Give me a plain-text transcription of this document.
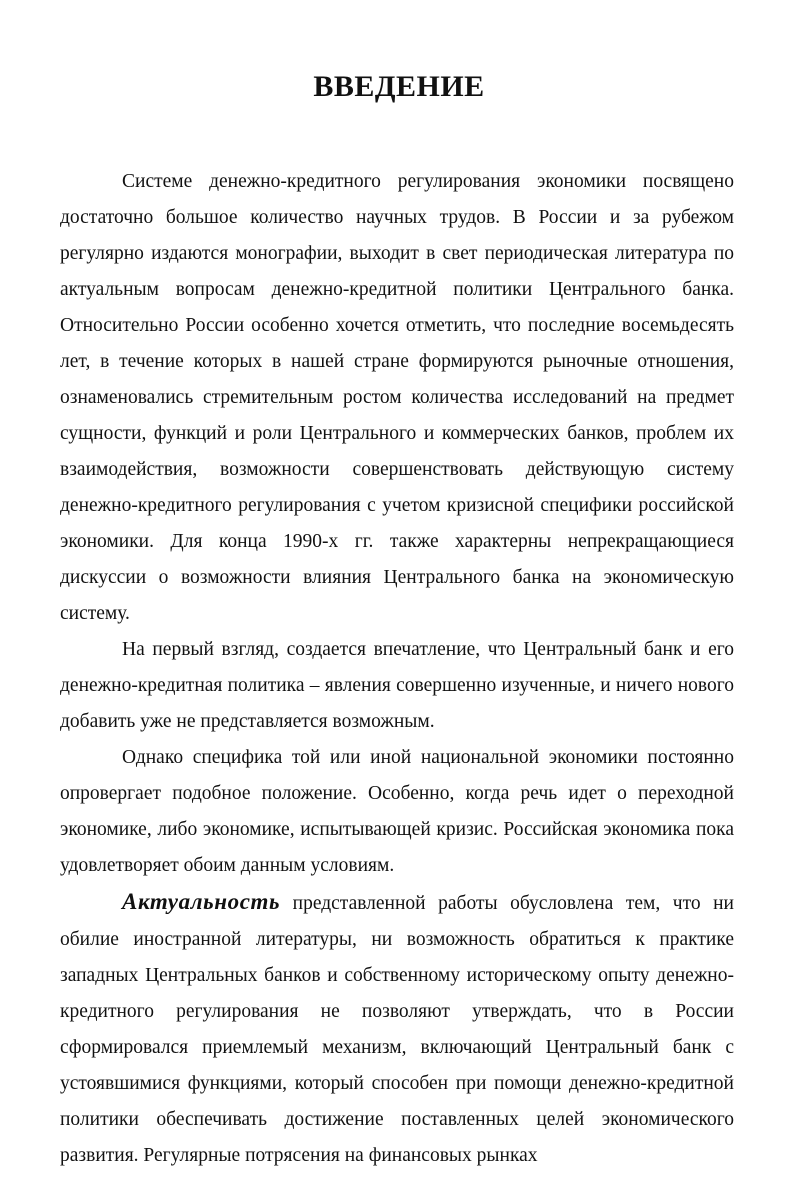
ВВЕДЕНИЕ

Системе денежно-кредитного регулирования экономики посвящено достаточно большое количество научных трудов. В России и за рубежом регулярно издаются монографии, выходит в свет периодическая литература по актуальным вопросам денежно-кредитной политики Центрального банка. Относительно России особенно хочется отметить, что последние восемьдесять лет, в течение которых в нашей стране формируются рыночные отношения, ознаменовались стремительным ростом количества исследований на предмет сущности, функций и роли Центрального и коммерческих банков, проблем их взаимодействия, возможности совершенствовать действующую систему денежно-кредитного регулирования с учетом кризисной специфики российской экономики. Для конца 1990-х гг. также характерны непрекращающиеся дискуссии о возможности влияния Центрального банка на экономическую систему.

На первый взгляд, создается впечатление, что Центральный банк и его денежно-кредитная политика – явления совершенно изученные, и ничего нового добавить уже не представляется возможным.

Однако специфика той или иной национальной экономики постоянно опровергает подобное положение. Особенно, когда речь идет о переходной экономике, либо экономике, испытывающей кризис. Российская экономика пока удовлетворяет обоим данным условиям.

Актуальность представленной работы обусловлена тем, что ни обилие иностранной литературы, ни возможность обратиться к практике западных Центральных банков и собственному историческому опыту денежно-кредитного регулирования не позволяют утверждать, что в России сформировался приемлемый механизм, включающий Центральный банк с устоявшимися функциями, который способен при помощи денежно-кредитной политики обеспечивать достижение поставленных целей экономического развития. Регулярные потрясения на финансовых рынках
